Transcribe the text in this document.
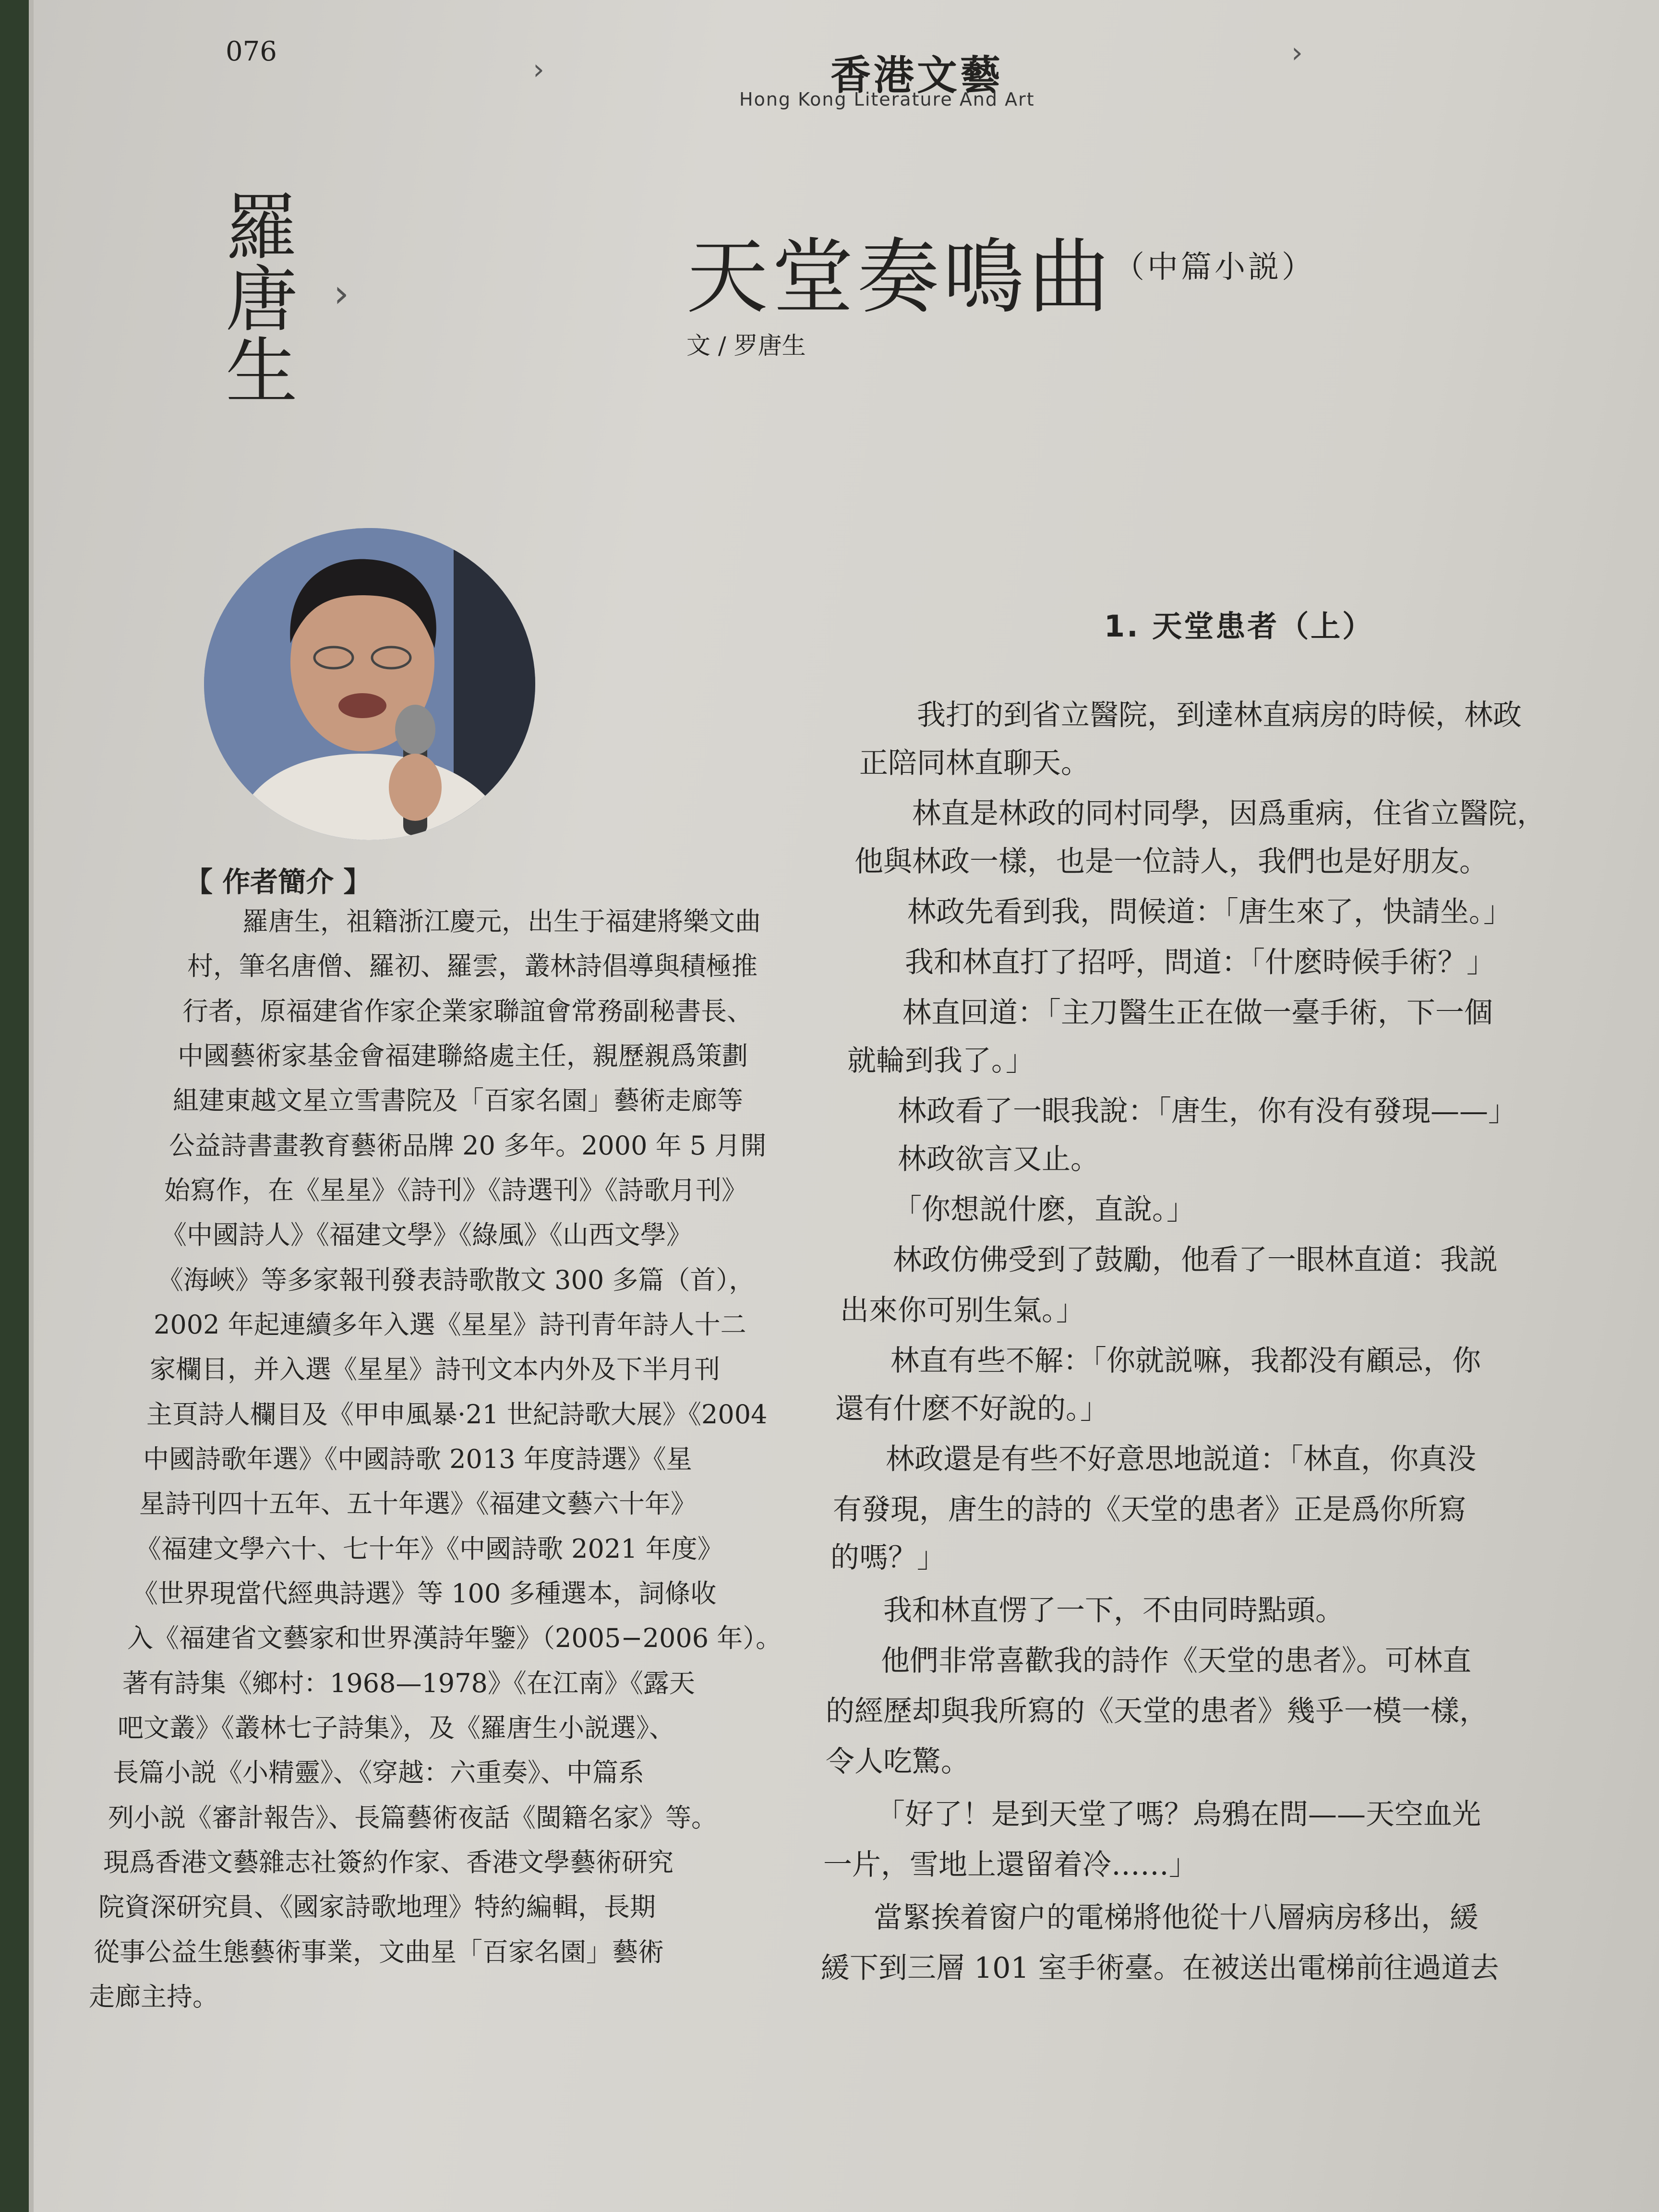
076
›	›
香港文藝
Hong Kong Literature And Art
羅
唐
生
›	天堂奏鳴曲 （中篇小説）
文 / 罗唐生
【 作者簡介 】
羅唐生，祖籍浙江慶元，出生于福建將樂文曲
村，筆名唐僧、羅初、羅雲，叢林詩倡導與積極推
行者，原福建省作家企業家聯誼會常務副秘書長、
中國藝術家基金會福建聯絡處主任，親歷親爲策劃
組建東越文星立雪書院及「百家名園」藝術走廊等
公益詩書畫教育藝術品牌 20 多年。2000 年 5 月開
始寫作，在《星星》《詩刊》《詩選刊》《詩歌月刊》
《中國詩人》《福建文學》《綠風》《山西文學》
《海峽》等多家報刊發表詩歌散文 300 多篇（首），
2002 年起連續多年入選《星星》詩刊青年詩人十二
家欄目，并入選《星星》詩刊文本内外及下半月刊
主頁詩人欄目及《甲申風暴·21 世紀詩歌大展》《2004
中國詩歌年選》《中國詩歌 2013 年度詩選》《星
星詩刊四十五年、五十年選》《福建文藝六十年》
《福建文學六十、七十年》《中國詩歌 2021 年度》
《世界現當代經典詩選》等 100 多種選本，詞條收
入《福建省文藝家和世界漢詩年鑒》（2005−2006 年）。
著有詩集《鄉村：1968—1978》《在江南》《露天
吧文叢》《叢林七子詩集》，及《羅唐生小説選》、
長篇小説《小精靈》、《穿越：六重奏》、中篇系
列小説《審計報告》、長篇藝術夜話《閩籍名家》等。
現爲香港文藝雜志社簽約作家、香港文學藝術研究
院資深研究員、《國家詩歌地理》特約編輯，長期
從事公益生態藝術事業，文曲星「百家名園」藝術
走廊主持。
1. 天堂患者（上）
我打的到省立醫院，到達林直病房的時候，林政
正陪同林直聊天。
林直是林政的同村同學，因爲重病，住省立醫院，
他與林政一樣，也是一位詩人，我們也是好朋友。
林政先看到我，問候道：「唐生來了，快請坐。」
我和林直打了招呼，問道：「什麽時候手術？」
林直回道：「主刀醫生正在做一臺手術，下一個
就輪到我了。」
林政看了一眼我說：「唐生，你有没有發現——」
林政欲言又止。
「你想説什麽，直說。」
林政仿佛受到了鼓勵，他看了一眼林直道：我説
出來你可别生氣。」
林直有些不解：「你就説嘛，我都没有顧忌，你
還有什麽不好說的。」
林政還是有些不好意思地説道：「林直，你真没
有發現，唐生的詩的《天堂的患者》正是爲你所寫
的嗎？」
我和林直愣了一下，不由同時點頭。
他們非常喜歡我的詩作《天堂的患者》。可林直
的經歷却與我所寫的《天堂的患者》幾乎一模一樣，
令人吃驚。
「好了！是到天堂了嗎？烏鴉在問——天空血光
一片，雪地上還留着冷……」
當緊挨着窗户的電梯將他從十八層病房移出，緩
緩下到三層 101 室手術臺。在被送出電梯前往過道去
